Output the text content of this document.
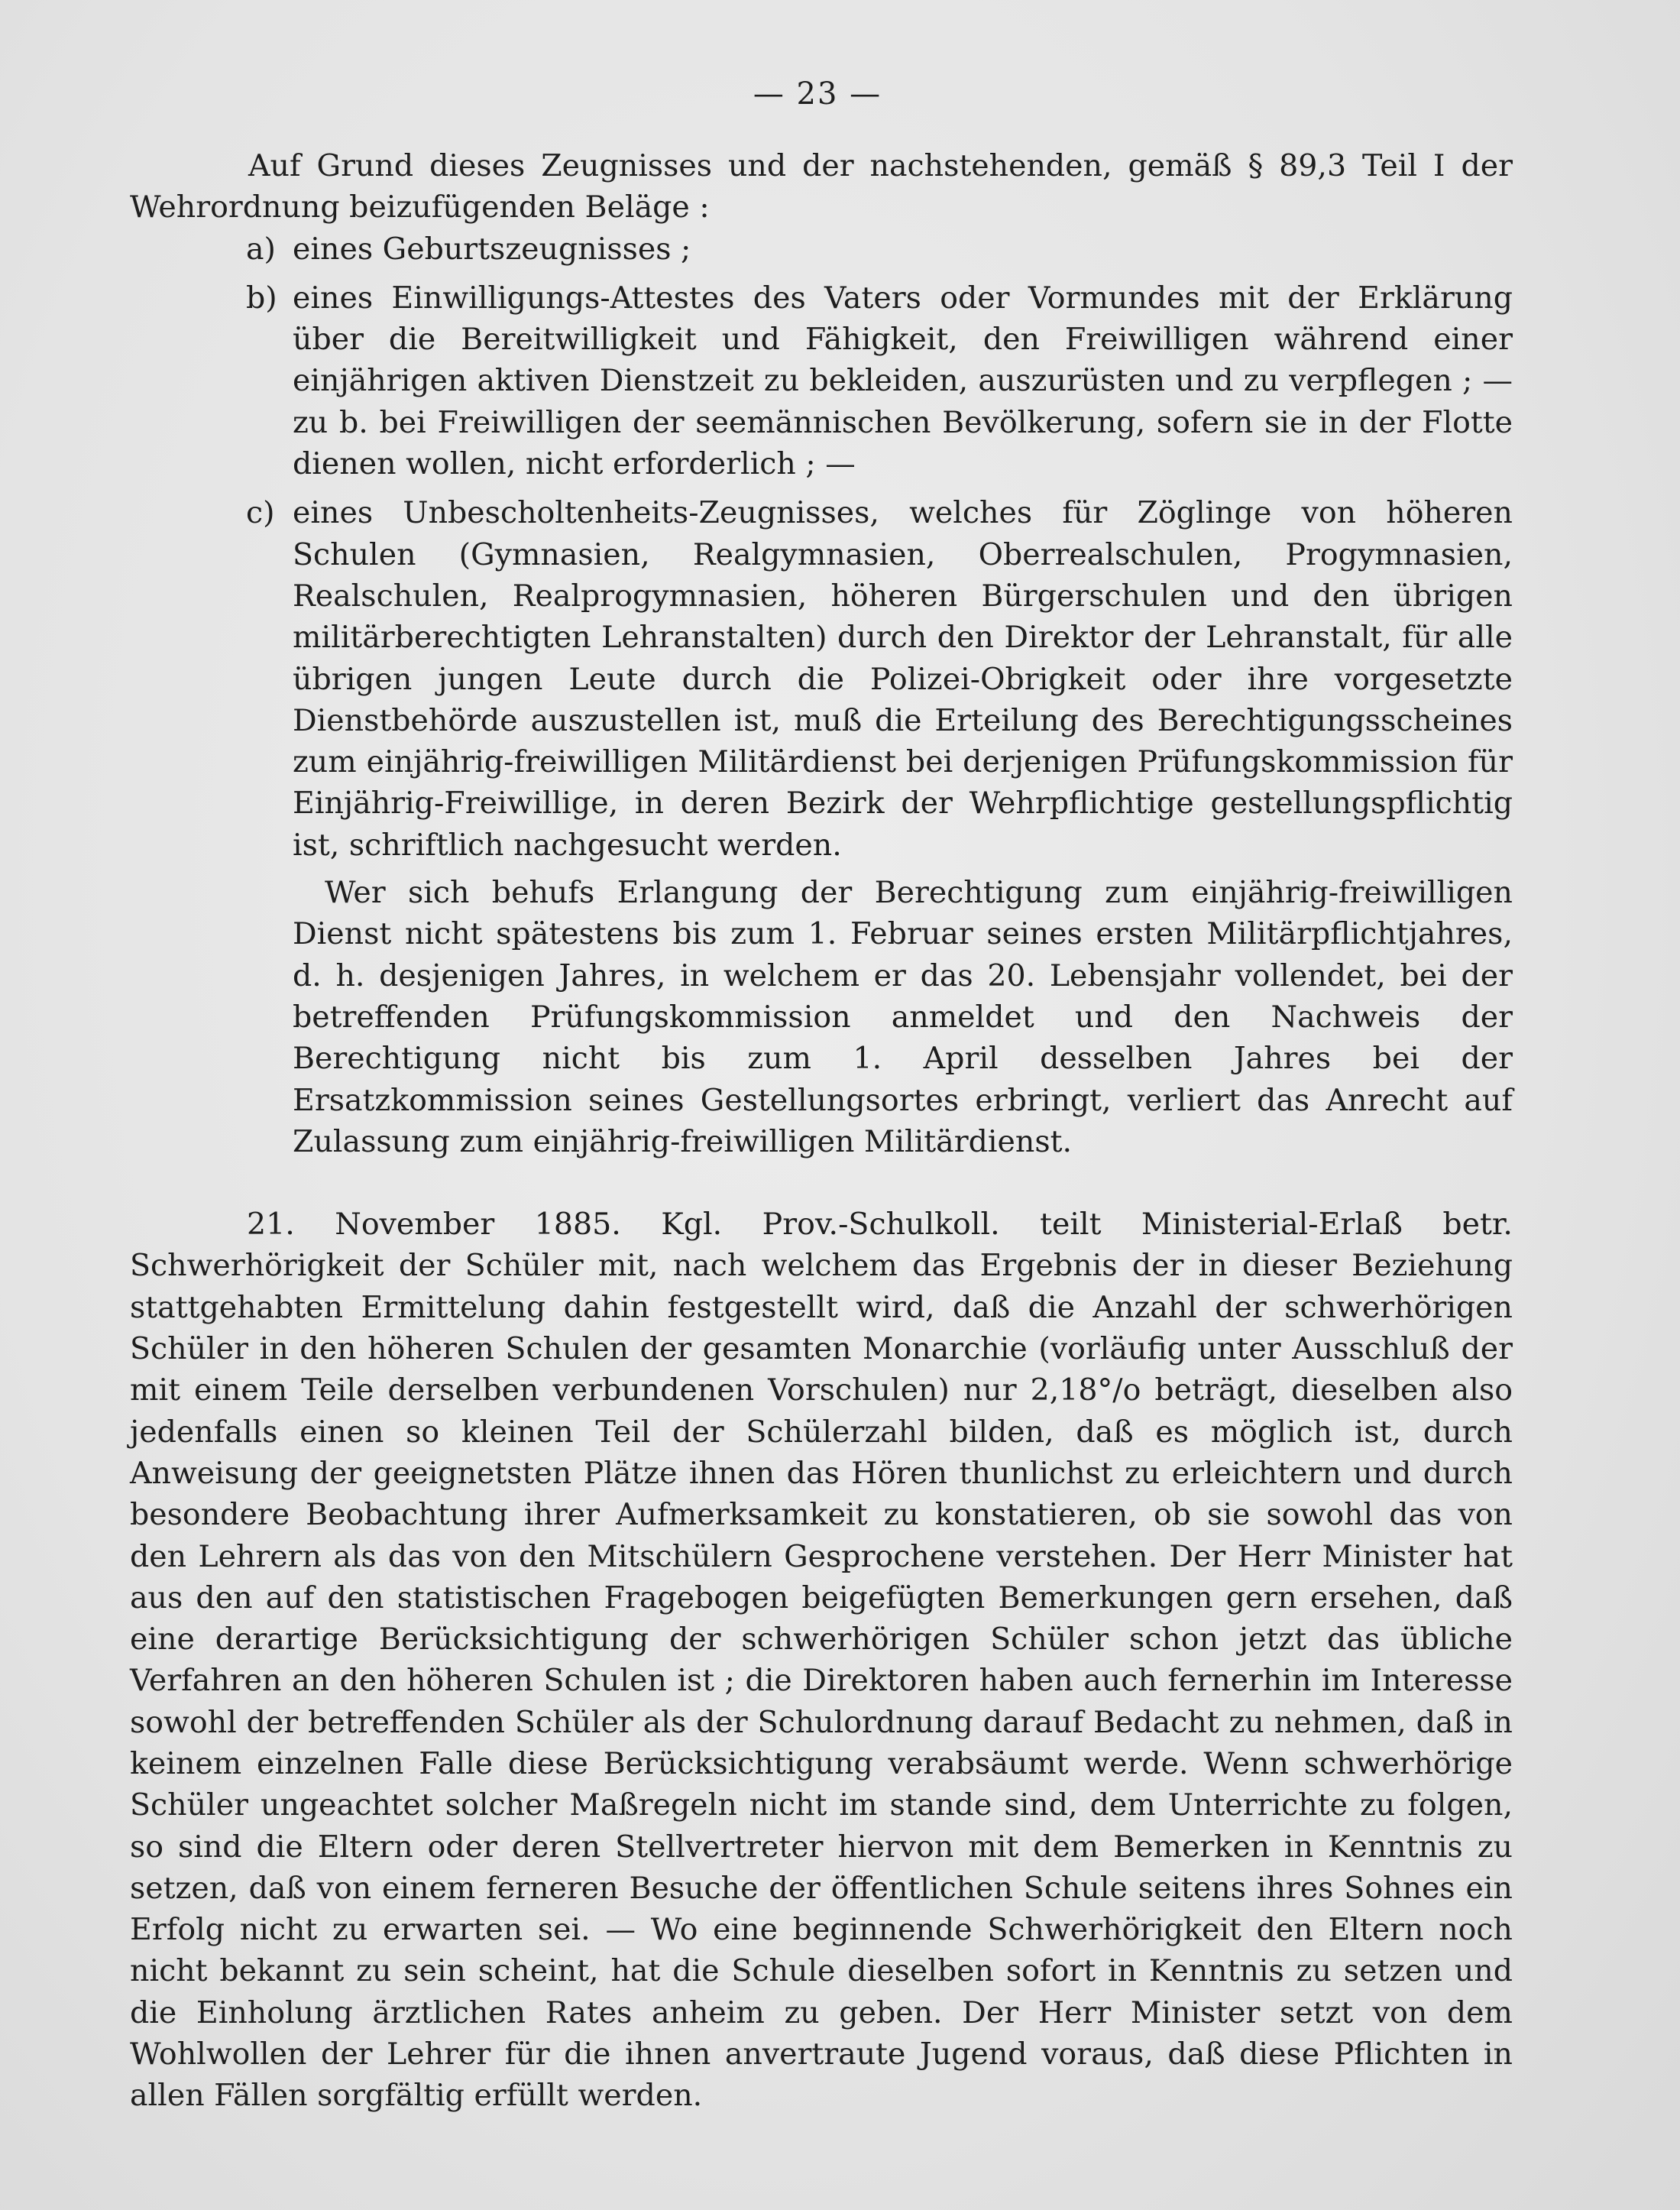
— 23 —

Auf Grund dieses Zeugnisses und der nachstehenden, gemäß § 89,3 Teil I der Wehrordnung beizufügenden Beläge :

a) eines Geburtszeugnisses ;
b) eines Einwilligungs-Attestes des Vaters oder Vormundes mit der Erklärung über die Bereitwilligkeit und Fähigkeit, den Freiwilligen während einer einjährigen aktiven Dienstzeit zu bekleiden, auszurüsten und zu verpflegen ; — zu b. bei Freiwilligen der seemännischen Bevölkerung, sofern sie in der Flotte dienen wollen, nicht erforderlich ; —
c) eines Unbescholtenheits-Zeugnisses, welches für Zöglinge von höheren Schulen (Gymnasien, Realgymnasien, Oberrealschulen, Progymnasien, Realschulen, Realprogymnasien, höheren Bürgerschulen und den übrigen militärberechtigten Lehranstalten) durch den Direktor der Lehranstalt, für alle übrigen jungen Leute durch die Polizei-Obrigkeit oder ihre vorgesetzte Dienstbehörde auszustellen ist, muß die Erteilung des Berechtigungsscheines zum einjährig-freiwilligen Militärdienst bei derjenigen Prüfungskommission für Einjährig-Freiwillige, in deren Bezirk der Wehrpflichtige gestellungspflichtig ist, schriftlich nachgesucht werden.

Wer sich behufs Erlangung der Berechtigung zum einjährig-freiwilligen Dienst nicht spätestens bis zum 1. Februar seines ersten Militärpflichtjahres, d. h. desjenigen Jahres, in welchem er das 20. Lebensjahr vollendet, bei der betreffenden Prüfungskommission anmeldet und den Nachweis der Berechtigung nicht bis zum 1. April desselben Jahres bei der Ersatzkommission seines Gestellungsortes erbringt, verliert das Anrecht auf Zulassung zum einjährig-freiwilligen Militärdienst.

21. November 1885. Kgl. Prov.-Schulkoll. teilt Ministerial-Erlaß betr. Schwerhörigkeit der Schüler mit, nach welchem das Ergebnis der in dieser Beziehung stattgehabten Ermittelung dahin festgestellt wird, daß die Anzahl der schwerhörigen Schüler in den höheren Schulen der gesamten Monarchie (vorläufig unter Ausschluß der mit einem Teile derselben verbundenen Vorschulen) nur 2,18°/o beträgt, dieselben also jedenfalls einen so kleinen Teil der Schülerzahl bilden, daß es möglich ist, durch Anweisung der geeignetsten Plätze ihnen das Hören thunlichst zu erleichtern und durch besondere Beobachtung ihrer Aufmerksamkeit zu konstatieren, ob sie sowohl das von den Lehrern als das von den Mitschülern Gesprochene verstehen. Der Herr Minister hat aus den auf den statistischen Fragebogen beigefügten Bemerkungen gern ersehen, daß eine derartige Berücksichtigung der schwerhörigen Schüler schon jetzt das übliche Verfahren an den höheren Schulen ist ; die Direktoren haben auch fernerhin im Interesse sowohl der betreffenden Schüler als der Schulordnung darauf Bedacht zu nehmen, daß in keinem einzelnen Falle diese Berücksichtigung verabsäumt werde. Wenn schwerhörige Schüler ungeachtet solcher Maßregeln nicht im stande sind, dem Unterrichte zu folgen, so sind die Eltern oder deren Stellvertreter hiervon mit dem Bemerken in Kenntnis zu setzen, daß von einem ferneren Besuche der öffentlichen Schule seitens ihres Sohnes ein Erfolg nicht zu erwarten sei. — Wo eine beginnende Schwerhörigkeit den Eltern noch nicht bekannt zu sein scheint, hat die Schule dieselben sofort in Kenntnis zu setzen und die Einholung ärztlichen Rates anheim zu geben. Der Herr Minister setzt von dem Wohlwollen der Lehrer für die ihnen anvertraute Jugend voraus, daß diese Pflichten in allen Fällen sorgfältig erfüllt werden.
